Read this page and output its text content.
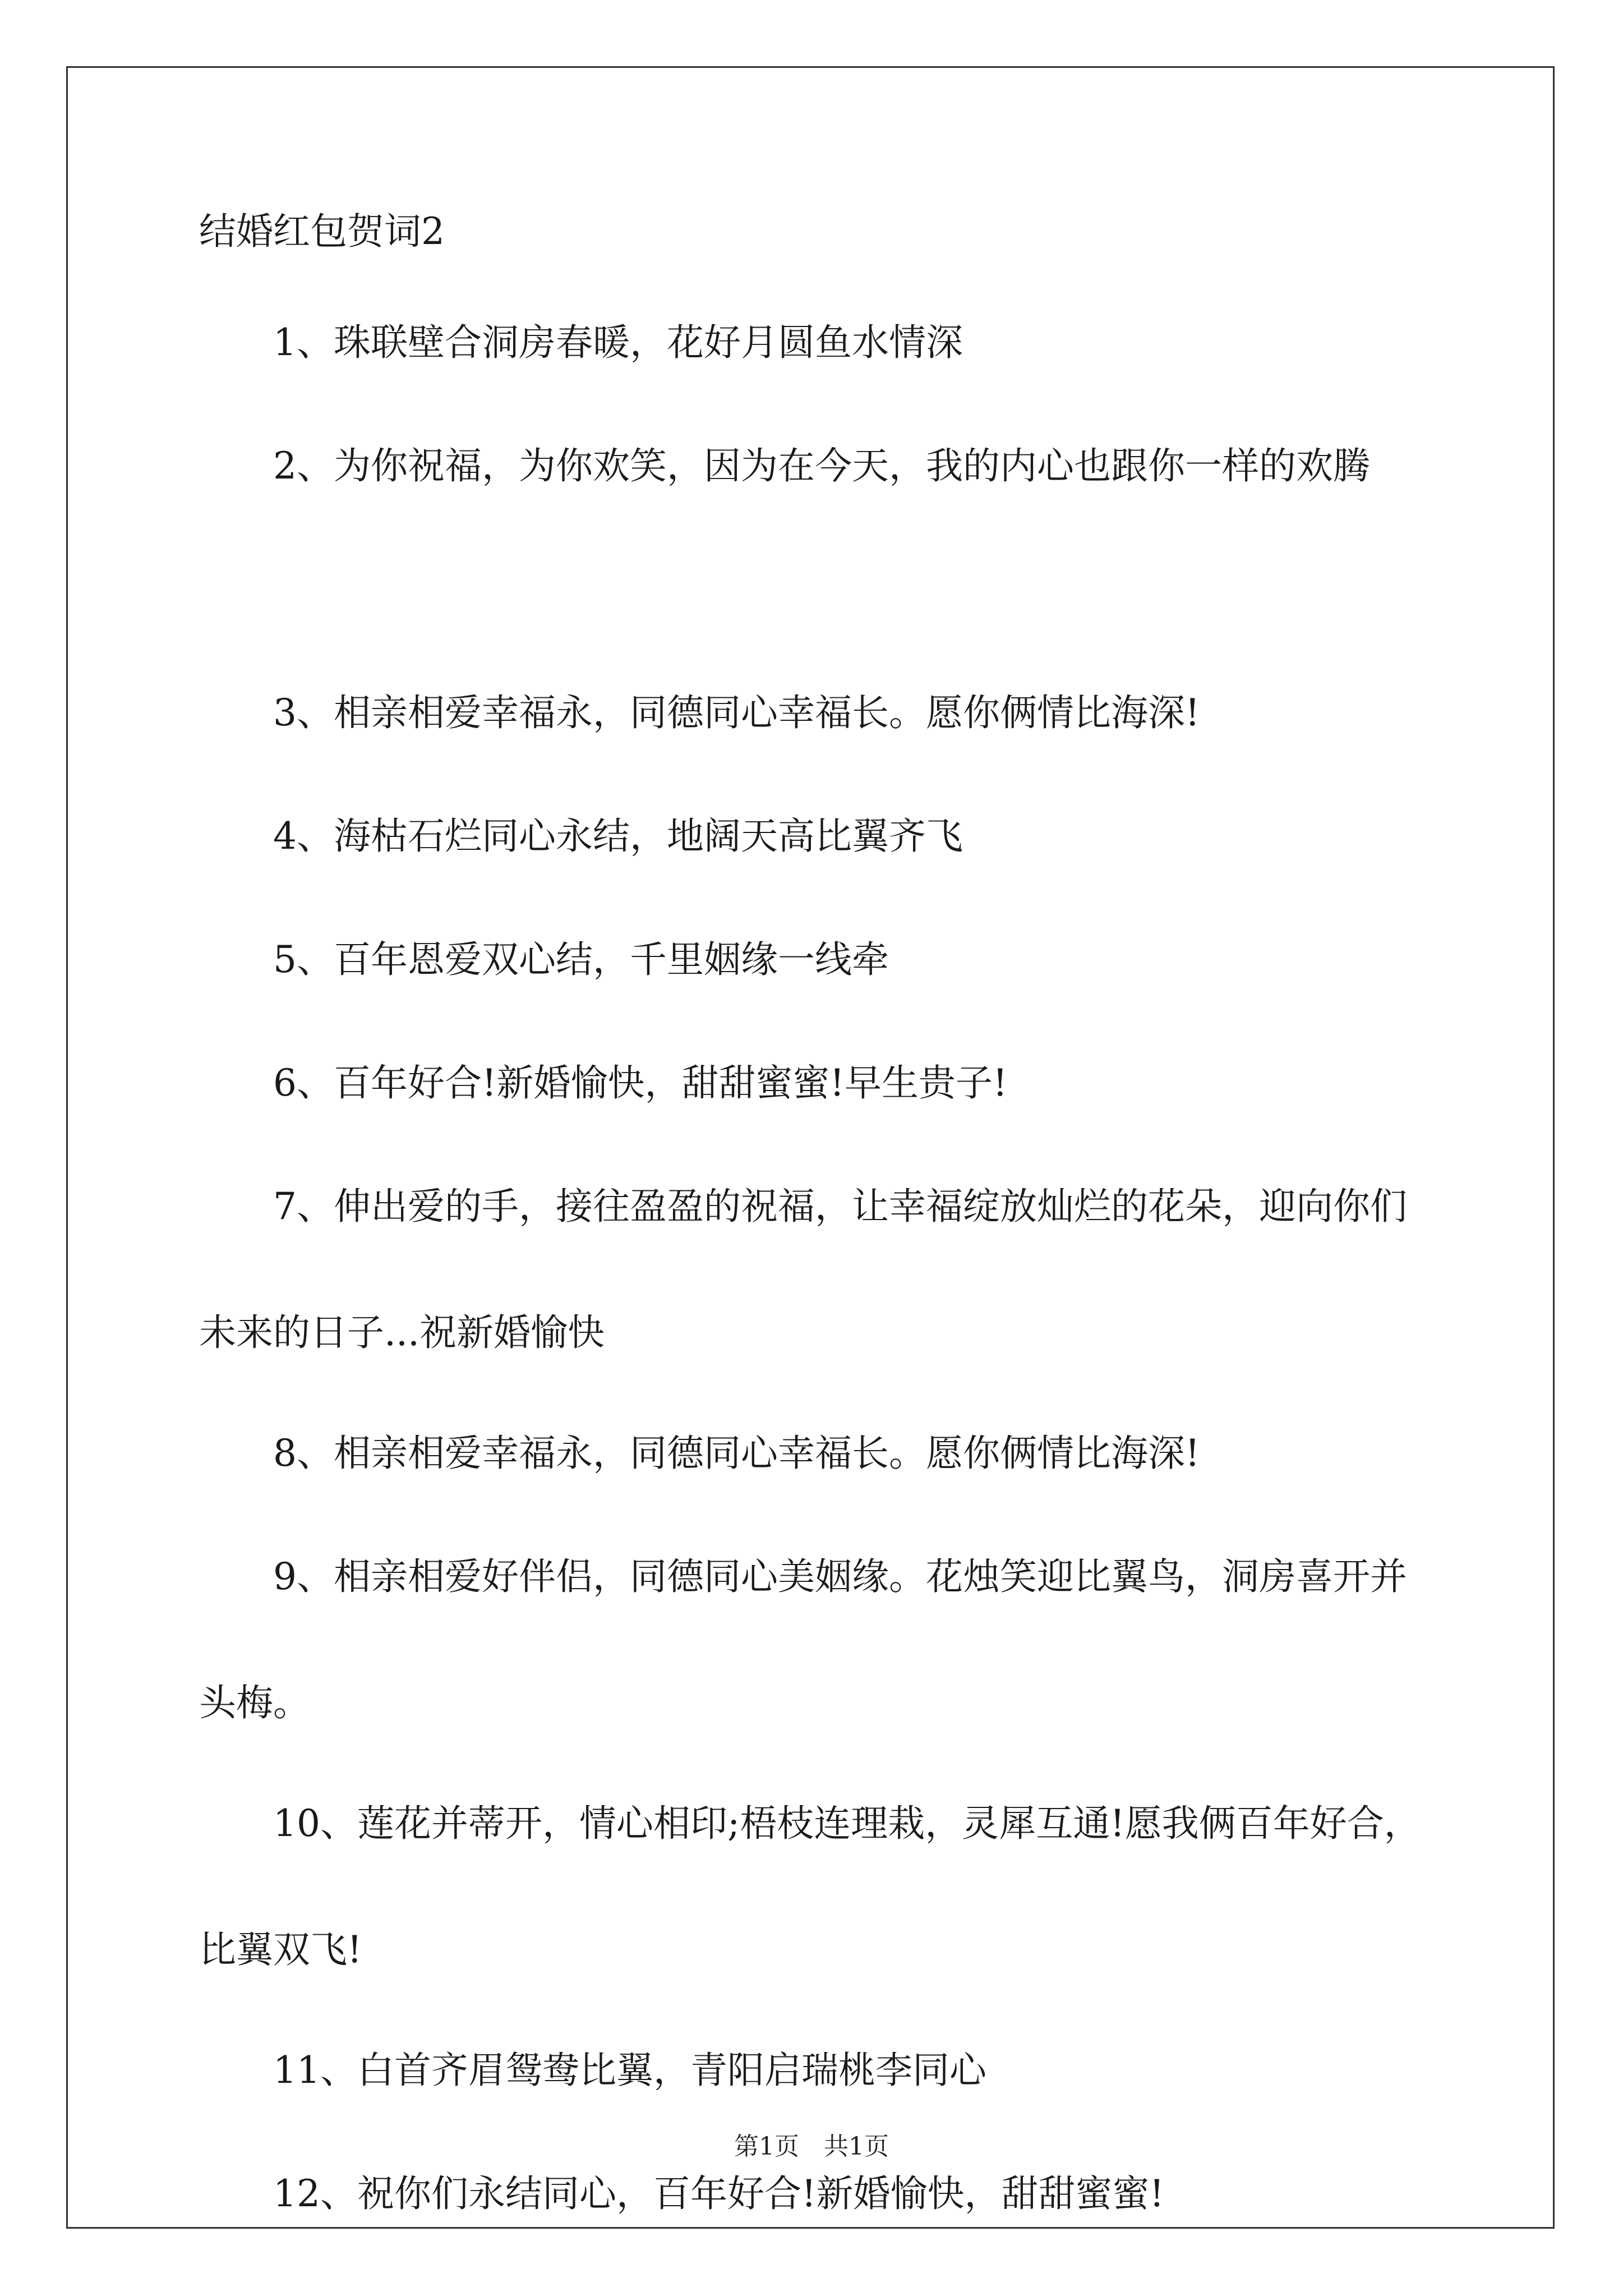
结婚红包贺词2

1、珠联壁合洞房春暖，花好月圆鱼水情深

2、为你祝福，为你欢笑，因为在今天，我的内心也跟你一样的欢腾

3、相亲相爱幸福永，同德同心幸福长。愿你俩情比海深!

4、海枯石烂同心永结，地阔天高比翼齐飞

5、百年恩爱双心结，千里姻缘一线牵

6、百年好合!新婚愉快，甜甜蜜蜜!早生贵子!

7、伸出爱的手，接往盈盈的祝福，让幸福绽放灿烂的花朵，迎向你们未来的日子...祝新婚愉快

8、相亲相爱幸福永，同德同心幸福长。愿你俩情比海深!

9、相亲相爱好伴侣，同德同心美姻缘。花烛笑迎比翼鸟，洞房喜开并头梅。

10、莲花并蒂开，情心相印;梧枝连理栽，灵犀互通!愿我俩百年好合，比翼双飞!

11、白首齐眉鸳鸯比翼，青阳启瑞桃李同心

12、祝你们永结同心，百年好合!新婚愉快，甜甜蜜蜜!

第1页　共1页
